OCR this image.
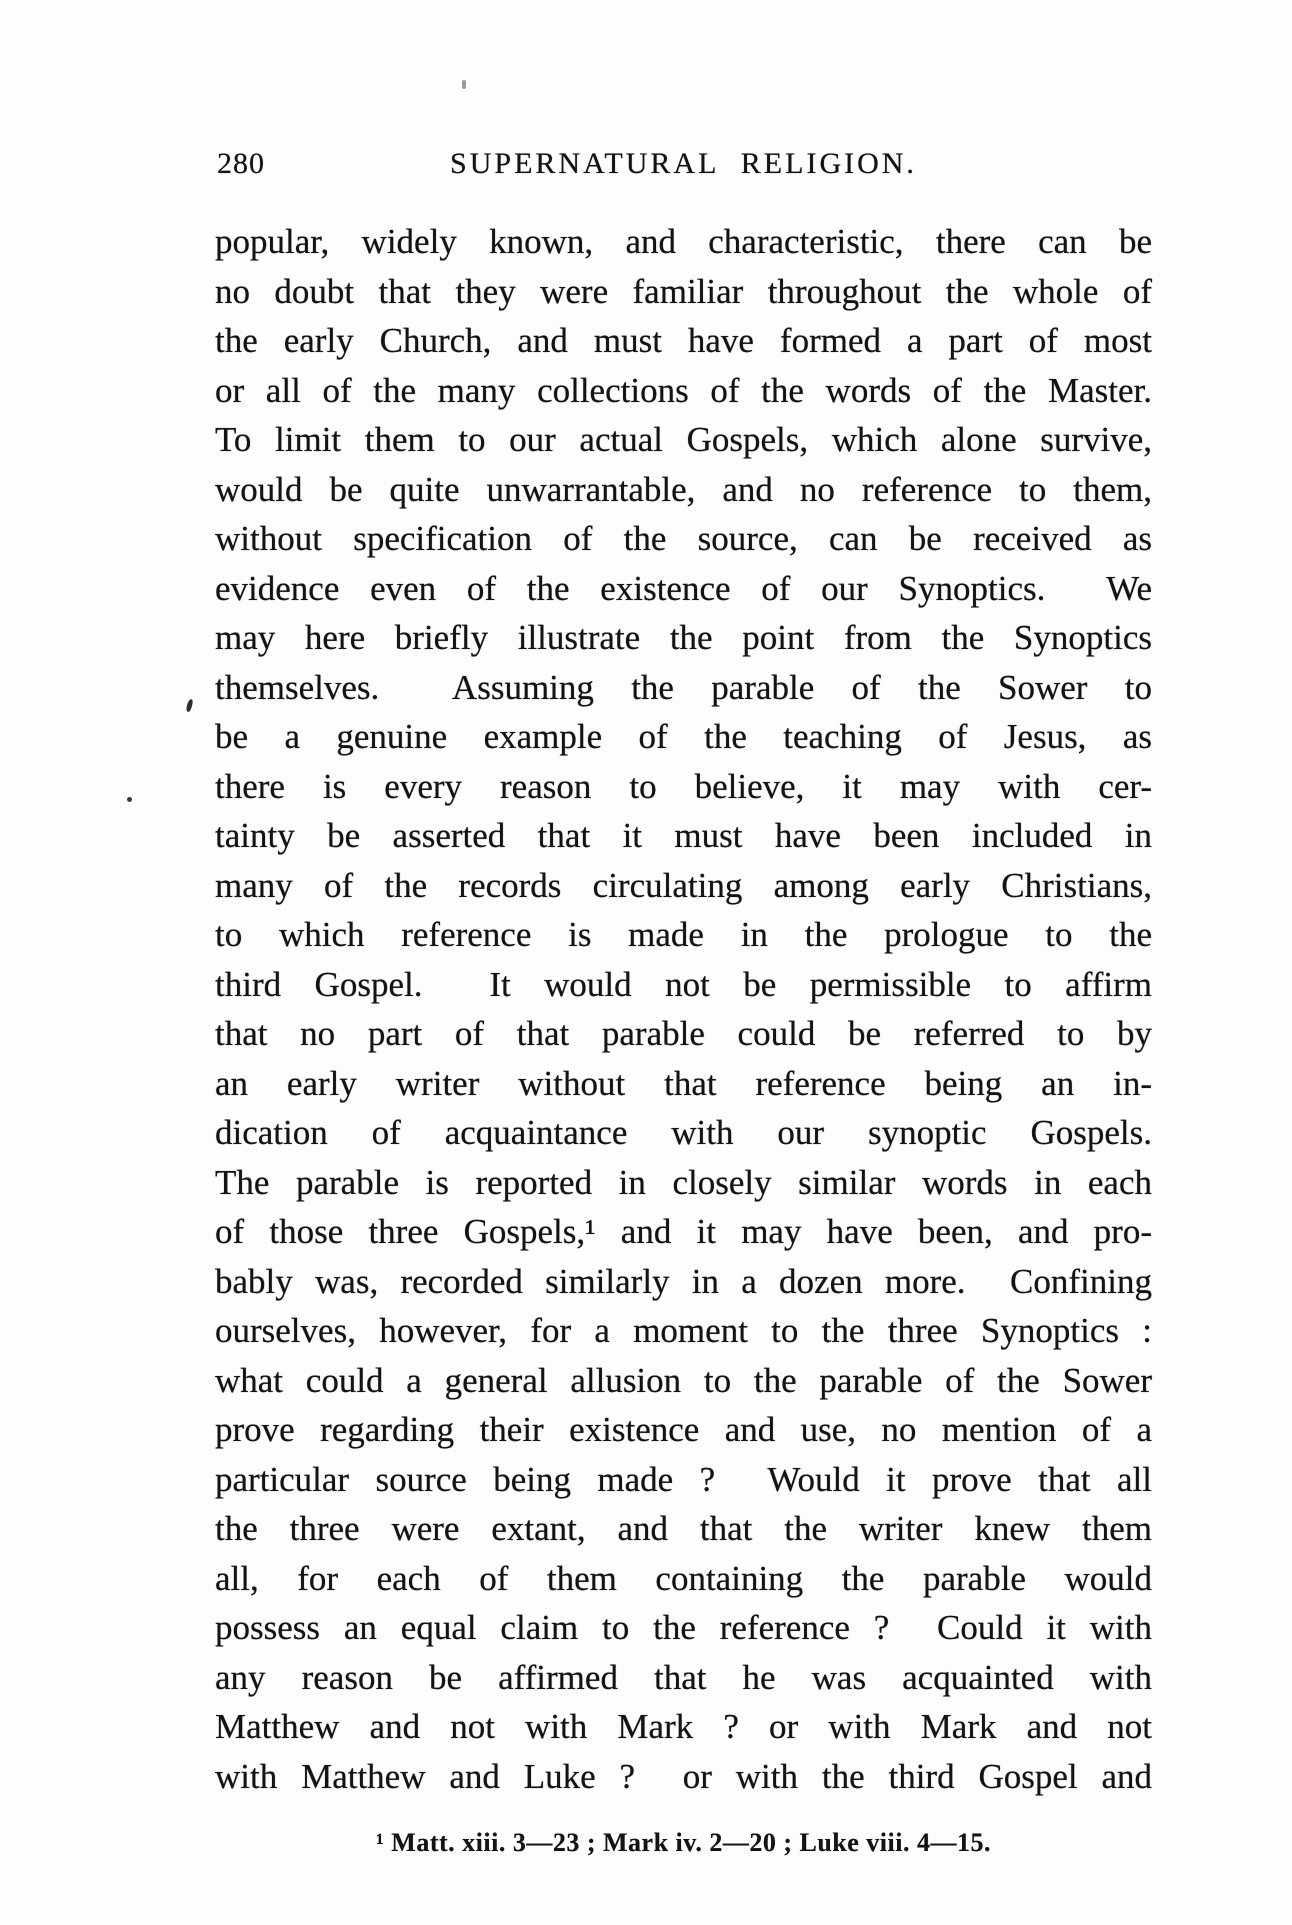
280	SUPERNATURAL RELIGION.
popular, widely known, and characteristic, there can be
no doubt that they were familiar throughout the whole of
the early Church, and must have formed a part of most
or all of the many collections of the words of the Master.
To limit them to our actual Gospels, which alone survive,
would be quite unwarrantable, and no reference to them,
without specification of the source, can be received as
evidence even of the existence of our Synoptics.  We
may here briefly illustrate the point from the Synoptics
themselves.  Assuming the parable of the Sower to
be a genuine example of the teaching of Jesus, as
there is every reason to believe, it may with cer-
tainty be asserted that it must have been included in
many of the records circulating among early Christians,
to which reference is made in the prologue to the
third Gospel.  It would not be permissible to affirm
that no part of that parable could be referred to by
an early writer without that reference being an in-
dication of acquaintance with our synoptic Gospels.
The parable is reported in closely similar words in each
of those three Gospels,¹ and it may have been, and pro-
bably was, recorded similarly in a dozen more.  Confining
ourselves, however, for a moment to the three Synoptics :
what could a general allusion to the parable of the Sower
prove regarding their existence and use, no mention of a
particular source being made ?  Would it prove that all
the three were extant, and that the writer knew them
all, for each of them containing the parable would
possess an equal claim to the reference ?  Could it with
any reason be affirmed that he was acquainted with
Matthew and not with Mark ? or with Mark and not
with Matthew and Luke ?  or with the third Gospel and
¹ Matt. xiii. 3—23 ; Mark iv. 2—20 ; Luke viii. 4—15.
